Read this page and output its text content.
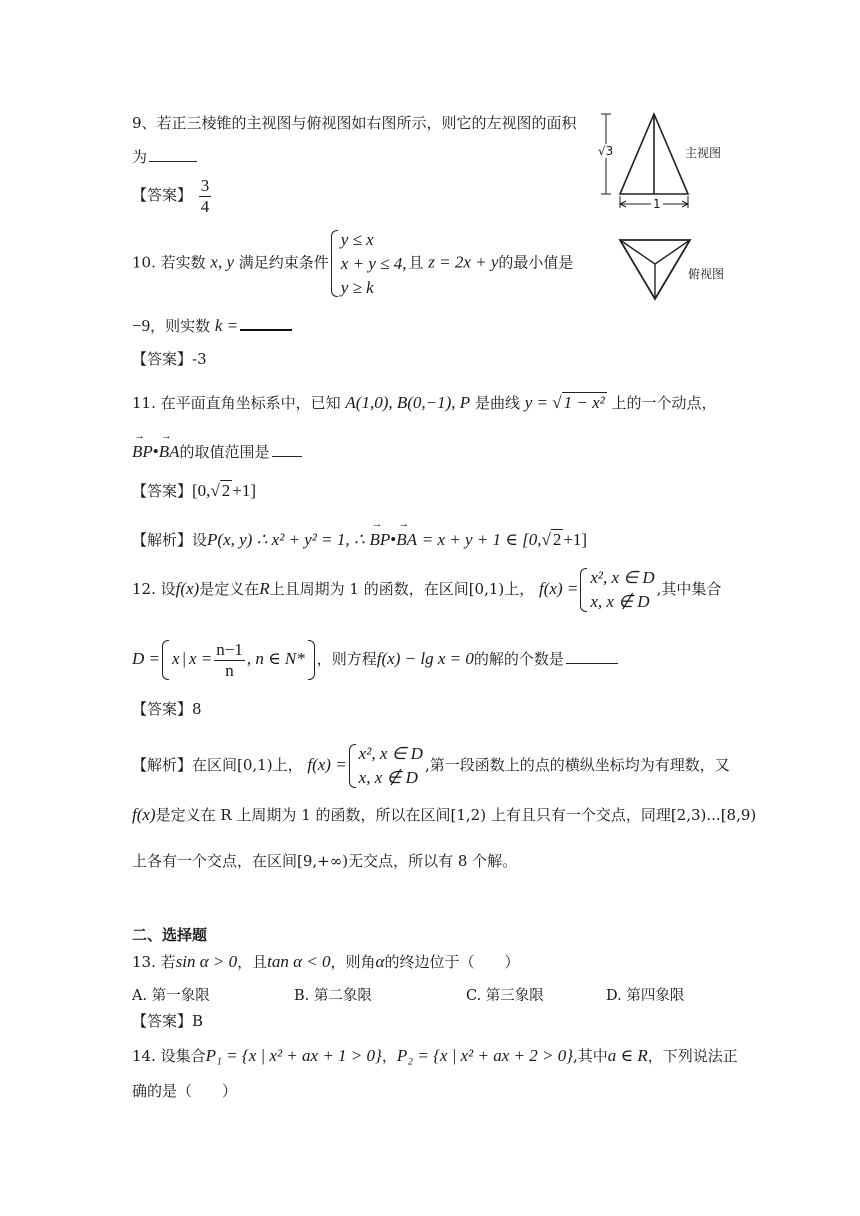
9、若正三棱锥的主视图与俯视图如右图所示，则它的左视图的面积
为
【答案】 $\frac{3}{4}$
√3
1
主视图
俯视图
10. 若实数 x, y 满足约束条件
y ≤ x
x + y ≤ 4,
y ≥ k
且 z = 2x + y的最小值是
−9，则实数 k =
【答案】-3
11. 在平面直角坐标系中，已知 A(1,0), B(0,−1), P 是曲线 y = √ 1 − x² 上的一个动点，
→ BP•→ BA的取值范围是
【答案】[0,√ 2 +1]
【解析】设P(x, y) ∴ x² + y² = 1, ∴ → BP•→ BA = x + y + 1 ∈ [0,√ 2 +1]
12. 设f(x)是定义在R上且周期为 1 的函数，在区间[0,1)上， f(x) =
x², x ∈ D
x, x ∉ D
,其中集合
D = x | $x = \frac{n-1}{n}$ , n ∈ N* ，则方程f(x) − lg x = 0的解的个数是
【答案】8
【解析】在区间[0,1)上， f(x) =
x², x ∈ D
x, x ∉ D
,第一段函数上的点的横纵坐标均为有理数，又
f(x)是定义在 R 上周期为 1 的函数，所以在区间[1,2) 上有且只有一个交点，同理[2,3)...[8,9)
上各有一个交点，在区间[9,+∞)无交点，所以有 8 个解。
二、选择题
13. 若sin α > 0，且tan α < 0，则角α的终边位于（　　）
A. 第一象限	B. 第二象限	C. 第三象限	D. 第四象限
【答案】B
14. 设集合P₁ = {x | x² + ax + 1 > 0}，P₂ = {x | x² + ax + 2 > 0},其中a ∈ R，下列说法正
确的是（　　）
